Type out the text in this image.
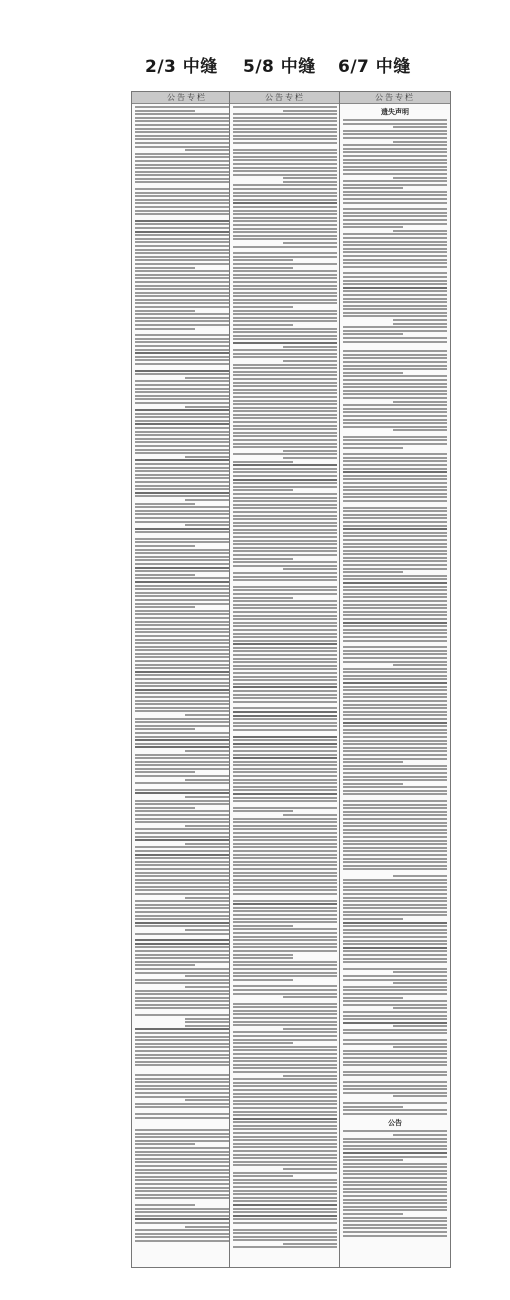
2/3 中缝 5/8 中缝 6/7 中缝
公告专栏	公告专栏	公告专栏
遗失声明
公告
